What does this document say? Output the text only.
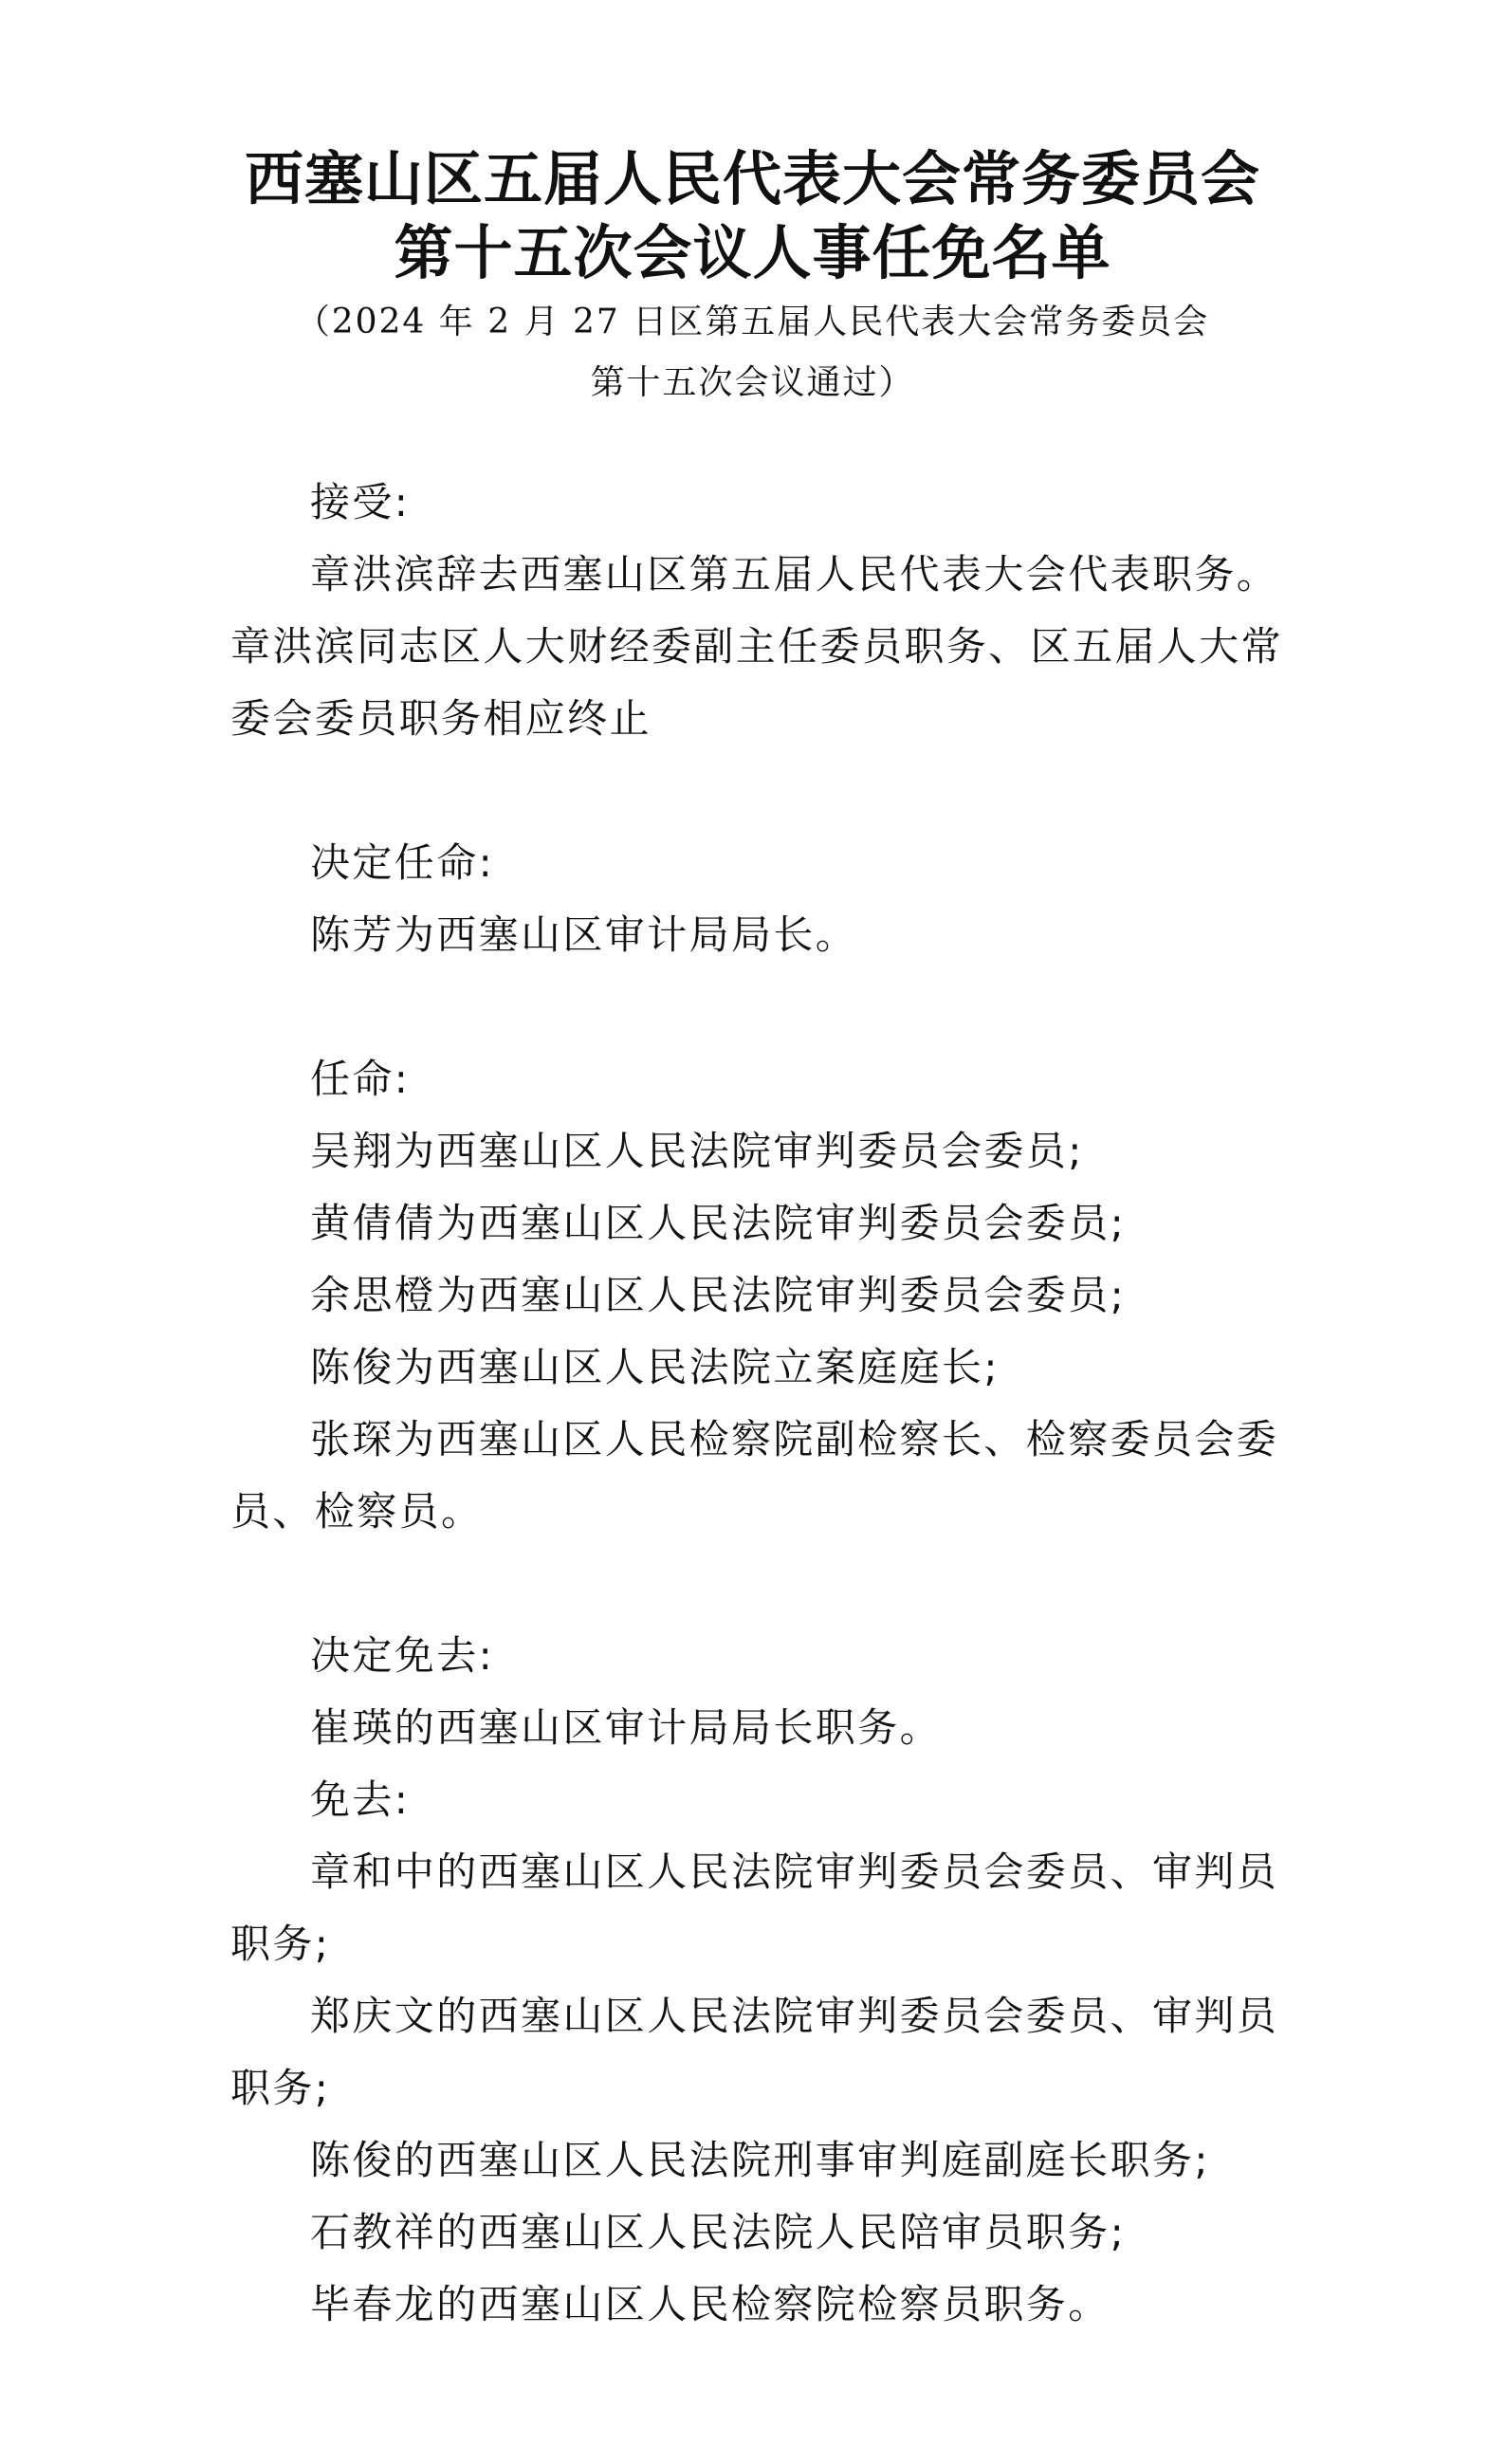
西塞山区五届人民代表大会常务委员会
第十五次会议人事任免名单
（2024 年 2 月 27 日区第五届人民代表大会常务委员会
第十五次会议通过）

接受:

章洪滨辞去西塞山区第五届人民代表大会代表职务。章洪滨同志区人大财经委副主任委员职务、区五届人大常委会委员职务相应终止

决定任命:

陈芳为西塞山区审计局局长。

任命:

吴翔为西塞山区人民法院审判委员会委员;

黄倩倩为西塞山区人民法院审判委员会委员;

余思橙为西塞山区人民法院审判委员会委员;

陈俊为西塞山区人民法院立案庭庭长;

张琛为西塞山区人民检察院副检察长、检察委员会委员、检察员。

决定免去:

崔瑛的西塞山区审计局局长职务。

免去:

章和中的西塞山区人民法院审判委员会委员、审判员职务;

郑庆文的西塞山区人民法院审判委员会委员、审判员职务;

陈俊的西塞山区人民法院刑事审判庭副庭长职务;

石教祥的西塞山区人民法院人民陪审员职务;

毕春龙的西塞山区人民检察院检察员职务。
